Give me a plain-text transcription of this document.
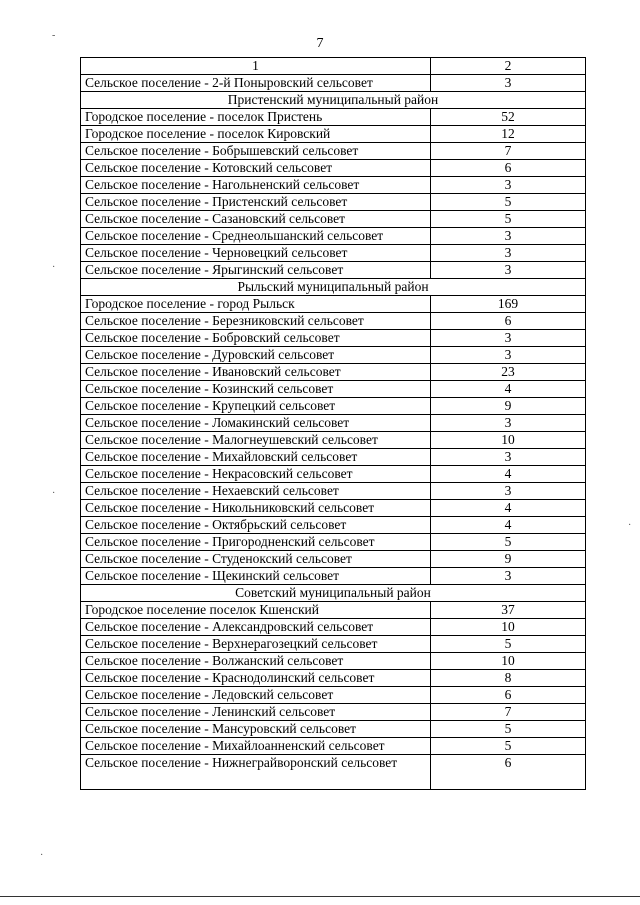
7
1	2
Сельское поселение - 2-й Поныровский сельсовет	3
Пристенский муниципальный район	
Городское поселение - поселок Пристень	52
Городское поселение - поселок Кировский	12
Сельское поселение - Бобрышевский сельсовет	7
Сельское поселение - Котовский сельсовет	6
Сельское поселение - Нагольненский сельсовет	3
Сельское поселение - Пристенский сельсовет	5
Сельское поселение - Сазановский сельсовет	5
Сельское поселение - Среднеольшанский сельсовет	3
Сельское поселение - Черновецкий сельсовет	3
Сельское поселение - Ярыгинский сельсовет	3
Рыльский муниципальный район	
Городское поселение - город Рыльск	169
Сельское поселение - Березниковский сельсовет	6
Сельское поселение - Бобровский сельсовет	3
Сельское поселение - Дуровский сельсовет	3
Сельское поселение - Ивановский сельсовет	23
Сельское поселение - Козинский сельсовет	4
Сельское поселение - Крупецкий сельсовет	9
Сельское поселение - Ломакинский сельсовет	3
Сельское поселение - Малогнеушевский сельсовет	10
Сельское поселение - Михайловский сельсовет	3
Сельское поселение - Некрасовский сельсовет	4
Сельское поселение - Нехаевский сельсовет	3
Сельское поселение - Никольниковский сельсовет	4
Сельское поселение - Октябрьский сельсовет	4
Сельское поселение - Пригородненский сельсовет	5
Сельское поселение - Студенокский сельсовет	9
Сельское поселение - Щекинский сельсовет	3
Советский муниципальный район	
Городское поселение поселок Кшенский	37
Сельское поселение - Александровский сельсовет	10
Сельское поселение - Верхнерагозецкий сельсовет	5
Сельское поселение - Волжанский сельсовет	10
Сельское поселение - Краснодолинский сельсовет	8
Сельское поселение - Ледовский сельсовет	6
Сельское поселение - Ленинский сельсовет	7
Сельское поселение - Мансуровский сельсовет	5
Сельское поселение - Михайлоанненский сельсовет	5
Сельское поселение - Нижнеграйворонский сельсовет	6
-
·
·
·
·
